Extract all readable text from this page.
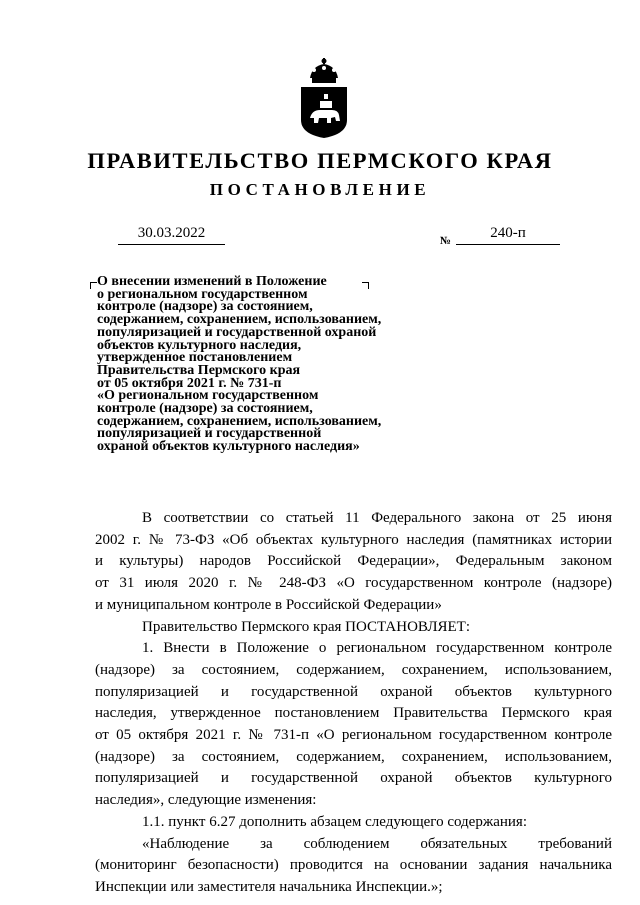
ПРАВИТЕЛЬСТВО ПЕРМСКОГО КРАЯ
ПОСТАНОВЛЕНИЕ
30.03.2022	№	240-п
О внесении изменений в Положение
о региональном государственном
контроле (надзоре) за состоянием,
содержанием, сохранением, использованием,
популяризацией и государственной охраной
объектов культурного наследия,
утвержденное постановлением
Правительства Пермского края
от 05 октября 2021 г. № 731-п
«О региональном государственном
контроле (надзоре) за состоянием,
содержанием, сохранением, использованием,
популяризацией и государственной
охраной объектов культурного наследия»

В соответствии со статьей 11 Федерального закона от 25 июня
2002 г. № 73-ФЗ «Об объектах культурного наследия (памятниках истории
и культуры) народов Российской Федерации», Федеральным законом
от 31 июля 2020 г. № 248-ФЗ «О государственном контроле (надзоре)
и муниципальном контроле в Российской Федерации»

Правительство Пермского края ПОСТАНОВЛЯЕТ:

1. Внести в Положение о региональном государственном контроле
(надзоре) за состоянием, содержанием, сохранением, использованием,
популяризацией и государственной охраной объектов культурного
наследия, утвержденное постановлением Правительства Пермского края
от 05 октября 2021 г. № 731-п «О региональном государственном контроле
(надзоре) за состоянием, содержанием, сохранением, использованием,
популяризацией и государственной охраной объектов культурного
наследия», следующие изменения:

1.1. пункт 6.27 дополнить абзацем следующего содержания:

«Наблюдение за соблюдением обязательных требований
(мониторинг безопасности) проводится на основании задания начальника
Инспекции или заместителя начальника Инспекции.»;
